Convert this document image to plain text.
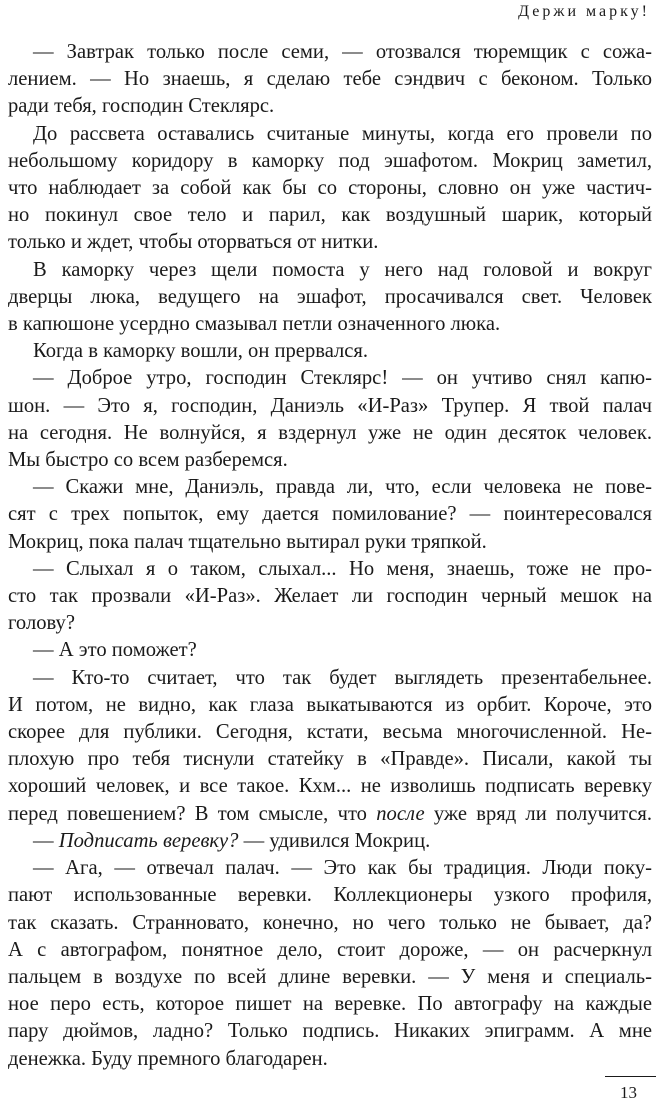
Держи марку!
— Завтрак только после семи, — отозвался тюремщик с сожа-
лением. — Но знаешь, я сделаю тебе сэндвич с беконом. Только
ради тебя, господин Стеклярс.
До рассвета оставались считаные минуты, когда его провели по
небольшому коридору в каморку под эшафотом. Мокриц заметил,
что наблюдает за собой как бы со стороны, словно он уже частич-
но покинул свое тело и парил, как воздушный шарик, который
только и ждет, чтобы оторваться от нитки.
В каморку через щели помоста у него над головой и вокруг
дверцы люка, ведущего на эшафот, просачивался свет. Человек
в капюшоне усердно смазывал петли означенного люка.
Когда в каморку вошли, он прервался.
— Доброе утро, господин Стеклярс! — он учтиво снял капю-
шон. — Это я, господин, Даниэль «И-Раз» Трупер. Я твой палач
на сегодня. Не волнуйся, я вздернул уже не один десяток человек.
Мы быстро со всем разберемся.
— Скажи мне, Даниэль, правда ли, что, если человека не пове-
сят с трех попыток, ему дается помилование? — поинтересовался
Мокриц, пока палач тщательно вытирал руки тряпкой.
— Слыхал я о таком, слыхал... Но меня, знаешь, тоже не про-
сто так прозвали «И-Раз». Желает ли господин черный мешок на
голову?
— А это поможет?
— Кто-то считает, что так будет выглядеть презентабельнее.
И потом, не видно, как глаза выкатываются из орбит. Короче, это
скорее для публики. Сегодня, кстати, весьма многочисленной. Не-
плохую про тебя тиснули статейку в «Правде». Писали, какой ты
хороший человек, и все такое. Кхм... не изволишь подписать веревку
перед повешением? В том смысле, что после уже вряд ли получится.
— Подписать веревку? — удивился Мокриц.
— Ага, — отвечал палач. — Это как бы традиция. Люди поку-
пают использованные веревки. Коллекционеры узкого профиля,
так сказать. Странновато, конечно, но чего только не бывает, да?
А с автографом, понятное дело, стоит дороже, — он расчеркнул
пальцем в воздухе по всей длине веревки. — У меня и специаль-
ное перо есть, которое пишет на веревке. По автографу на каждые
пару дюймов, ладно? Только подпись. Никаких эпиграмм. А мне
денежка. Буду премного благодарен.
13
